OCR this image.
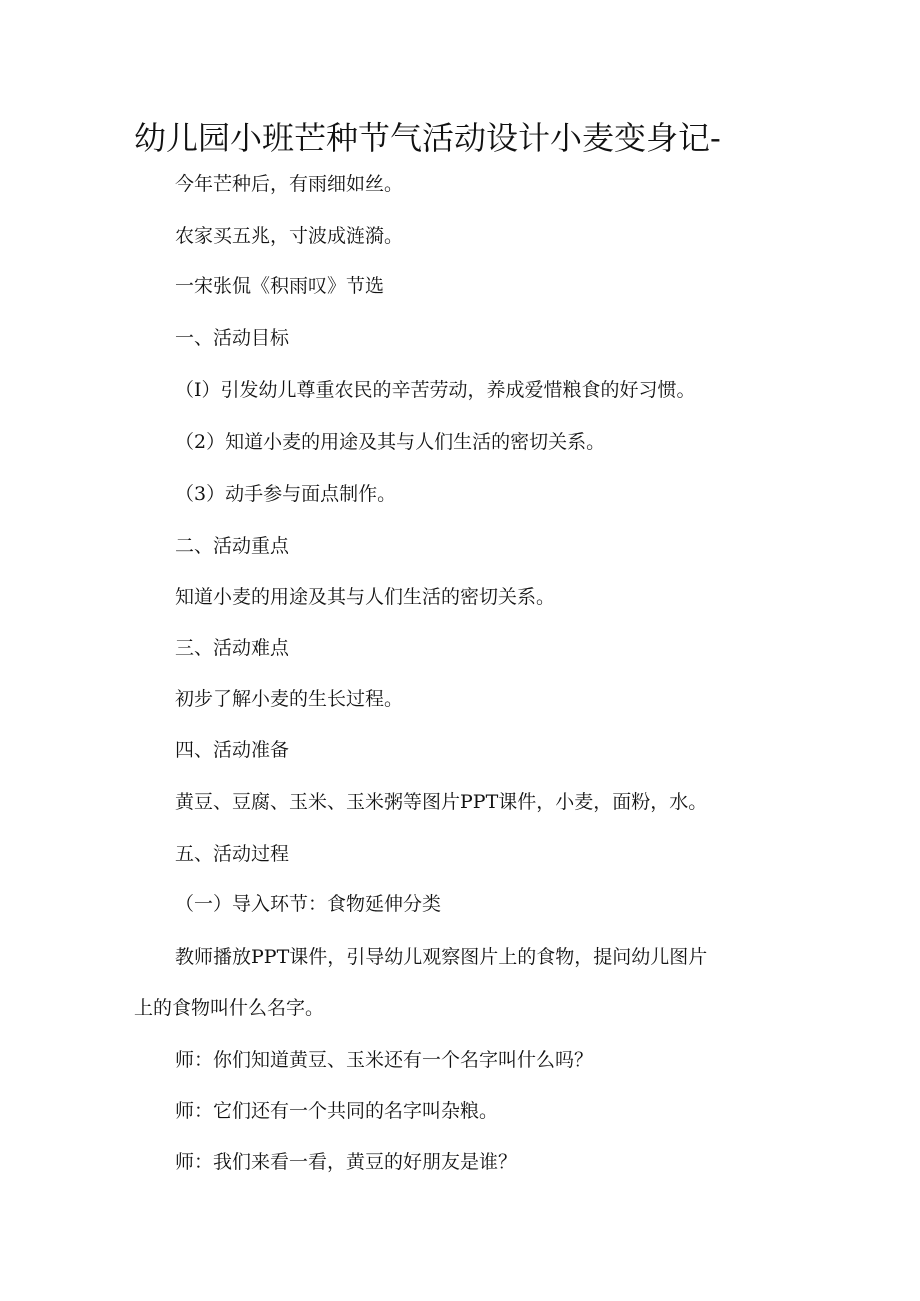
幼儿园小班芒种节气活动设计小麦变身记-

今年芒种后，有雨细如丝。

农家买五兆，寸波成涟漪。

一宋张侃《积雨叹》节选

一、活动目标

（I）引发幼儿尊重农民的辛苦劳动，养成爱惜粮食的好习惯。

（2）知道小麦的用途及其与人们生活的密切关系。

（3）动手参与面点制作。

二、活动重点

知道小麦的用途及其与人们生活的密切关系。

三、活动难点

初步了解小麦的生长过程。

四、活动准备

黄豆、豆腐、玉米、玉米粥等图片PPT课件，小麦，面粉，水。

五、活动过程

（一）导入环节：食物延伸分类

教师播放PPT课件，引导幼儿观察图片上的食物，提问幼儿图片

上的食物叫什么名字。

师：你们知道黄豆、玉米还有一个名字叫什么吗？

师：它们还有一个共同的名字叫杂粮。

师：我们来看一看，黄豆的好朋友是谁？
